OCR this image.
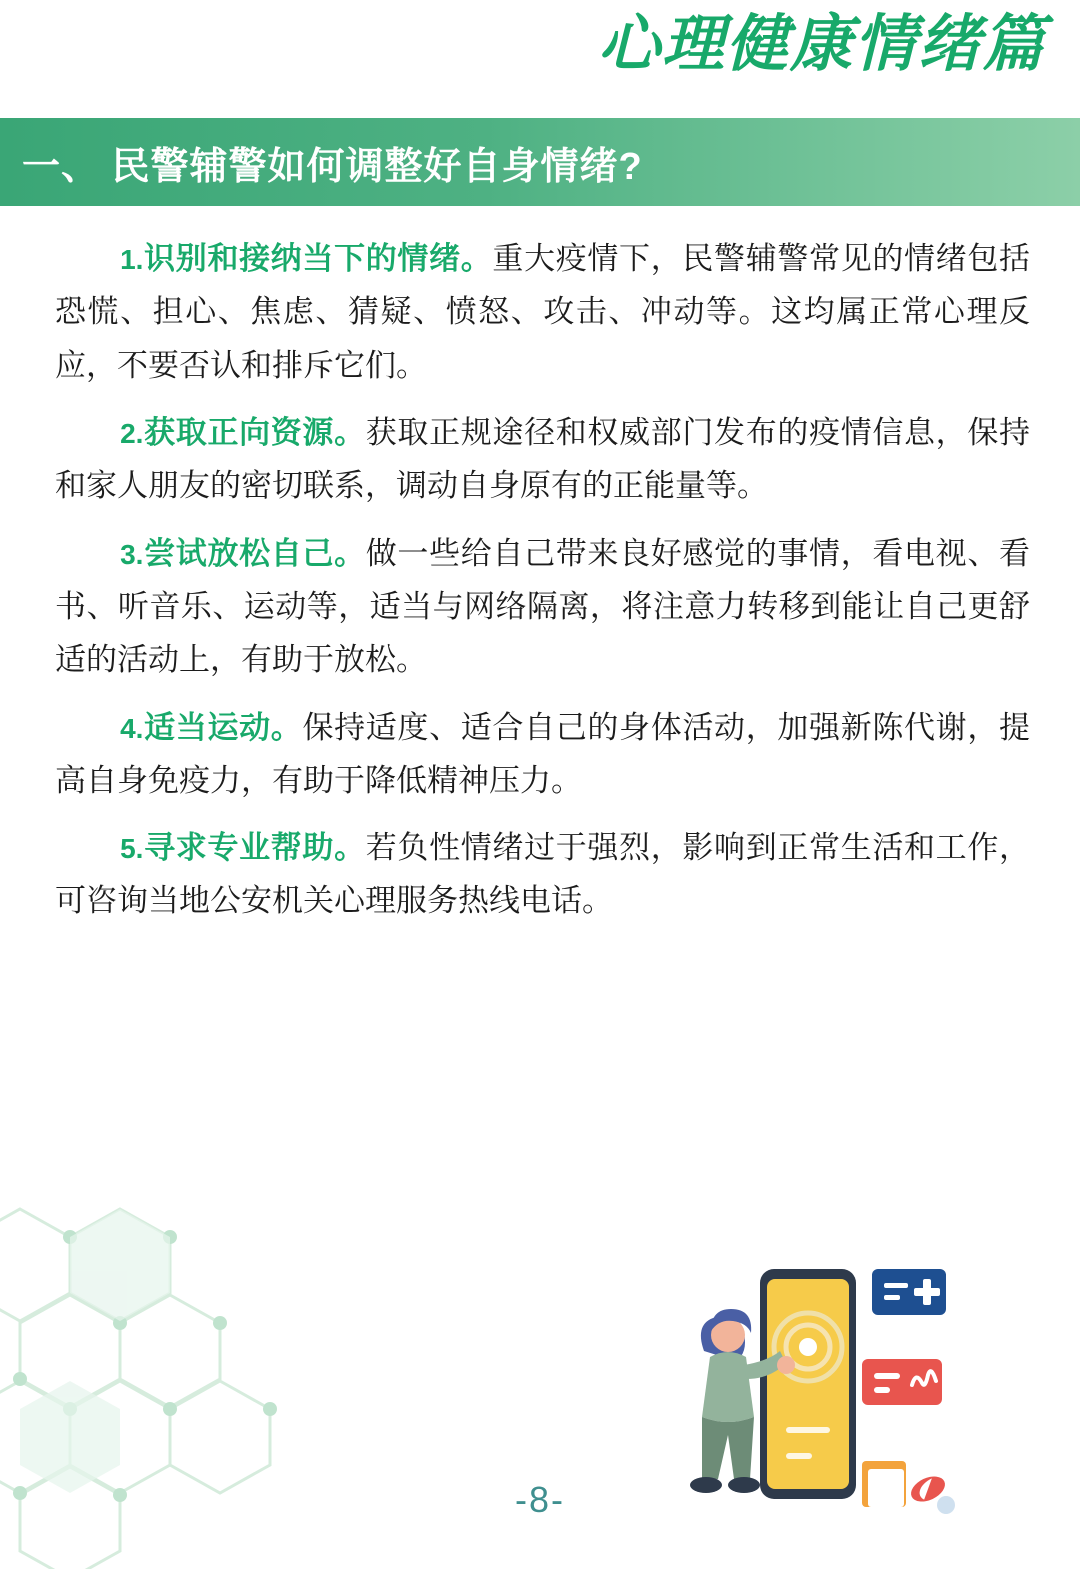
心理健康情绪篇
一、 民警辅警如何调整好自身情绪?

1.识别和接纳当下的情绪。重大疫情下，民警辅警常见的情绪包括恐慌、担心、焦虑、猜疑、愤怒、攻击、冲动等。这均属正常心理反应，不要否认和排斥它们。

2.获取正向资源。获取正规途径和权威部门发布的疫情信息，保持和家人朋友的密切联系，调动自身原有的正能量等。

3.尝试放松自己。做一些给自己带来良好感觉的事情，看电视、看书、听音乐、运动等，适当与网络隔离，将注意力转移到能让自己更舒适的活动上，有助于放松。

4.适当运动。保持适度、适合自己的身体活动，加强新陈代谢，提高自身免疫力，有助于降低精神压力。

5.寻求专业帮助。若负性情绪过于强烈，影响到正常生活和工作，可咨询当地公安机关心理服务热线电话。

-8-
